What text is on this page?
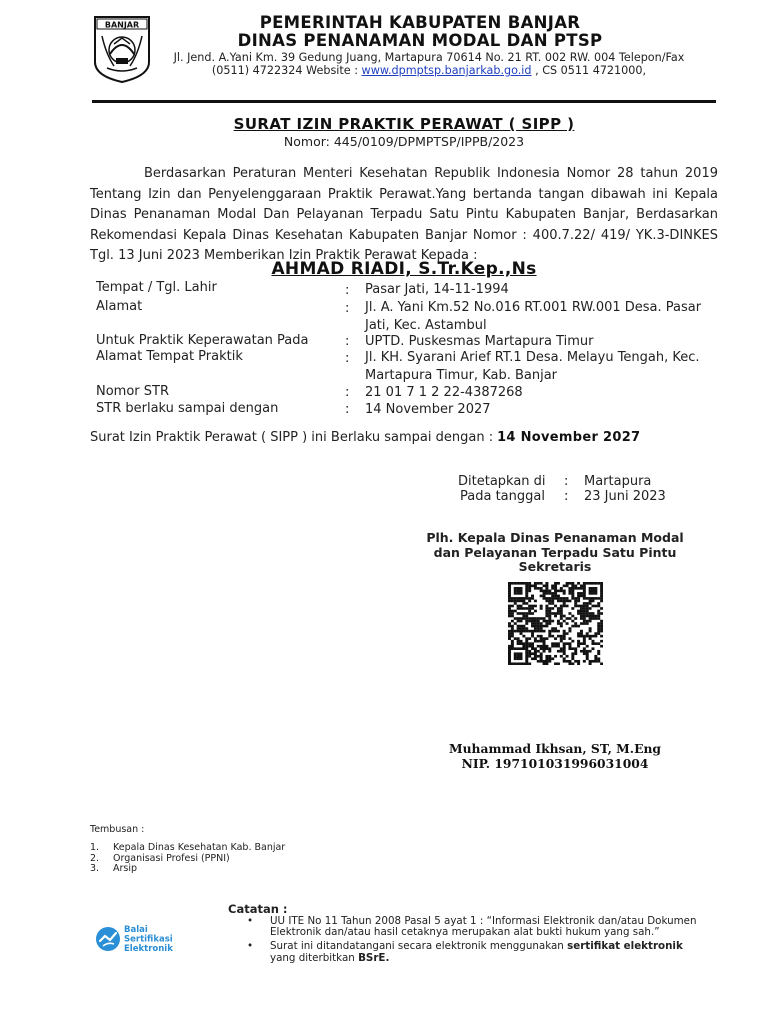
BANJAR	PEMERINTAH KABUPATEN BANJAR
DINAS PENANAMAN MODAL DAN PTSP
Jl. Jend. A.Yani Km. 39 Gedung Juang, Martapura 70614 No. 21 RT. 002 RW. 004 Telepon/Fax (0511) 4722324 Website : www.dpmptsp.banjarkab.go.id , CS 0511 4721000,
SURAT IZIN PRAKTIK PERAWAT ( SIPP )
Nomor: 445/0109/DPMPTSP/IPPB/2023
Berdasarkan Peraturan Menteri Kesehatan Republik Indonesia Nomor 28 tahun 2019 Tentang Izin dan Penyelenggaraan Praktik Perawat.Yang bertanda tangan dibawah ini Kepala Dinas Penanaman Modal Dan Pelayanan Terpadu Satu Pintu Kabupaten Banjar, Berdasarkan Rekomendasi Kepala Dinas Kesehatan Kabupaten Banjar Nomor : 400.7.22/ 419/ YK.3-DINKES Tgl. 13 Juni 2023 Memberikan Izin Praktik Perawat Kepada :
AHMAD RIADI, S.Tr.Kep.,Ns
Tempat / Tgl. Lahir	: Pasar Jati, 14-11-1994
Alamat	: Jl. A. Yani Km.52 No.016 RT.001 RW.001 Desa. Pasar Jati, Kec. Astambul
Untuk Praktik Keperawatan Pada	: UPTD. Puskesmas Martapura Timur
Alamat Tempat Praktik	: Jl. KH. Syarani Arief RT.1 Desa. Melayu Tengah, Kec. Martapura Timur, Kab. Banjar
Nomor STR	: 21 01 7 1 2 22-4387268
STR berlaku sampai dengan	: 14 November 2027
Surat Izin Praktik Perawat ( SIPP ) ini Berlaku sampai dengan : 14 November 2027
Ditetapkan di : Martapura
Pada tanggal : 23 Juni 2023
Plh. Kepala Dinas Penanaman Modal
dan Pelayanan Terpadu Satu Pintu
Sekretaris
Muhammad Ikhsan, ST, M.Eng
NIP. 197101031996031004
Tembusan :
1. Kepala Dinas Kesehatan Kab. Banjar
2. Organisasi Profesi (PPNI)
3. Arsip
Balai
Sertifikasi
Elektronik
Catatan :
• UU ITE No 11 Tahun 2008 Pasal 5 ayat 1 : “Informasi Elektronik dan/atau Dokumen Elektronik dan/atau hasil cetaknya merupakan alat bukti hukum yang sah.”
• Surat ini ditandatangani secara elektronik menggunakan sertifikat elektronik yang diterbitkan BSrE.
